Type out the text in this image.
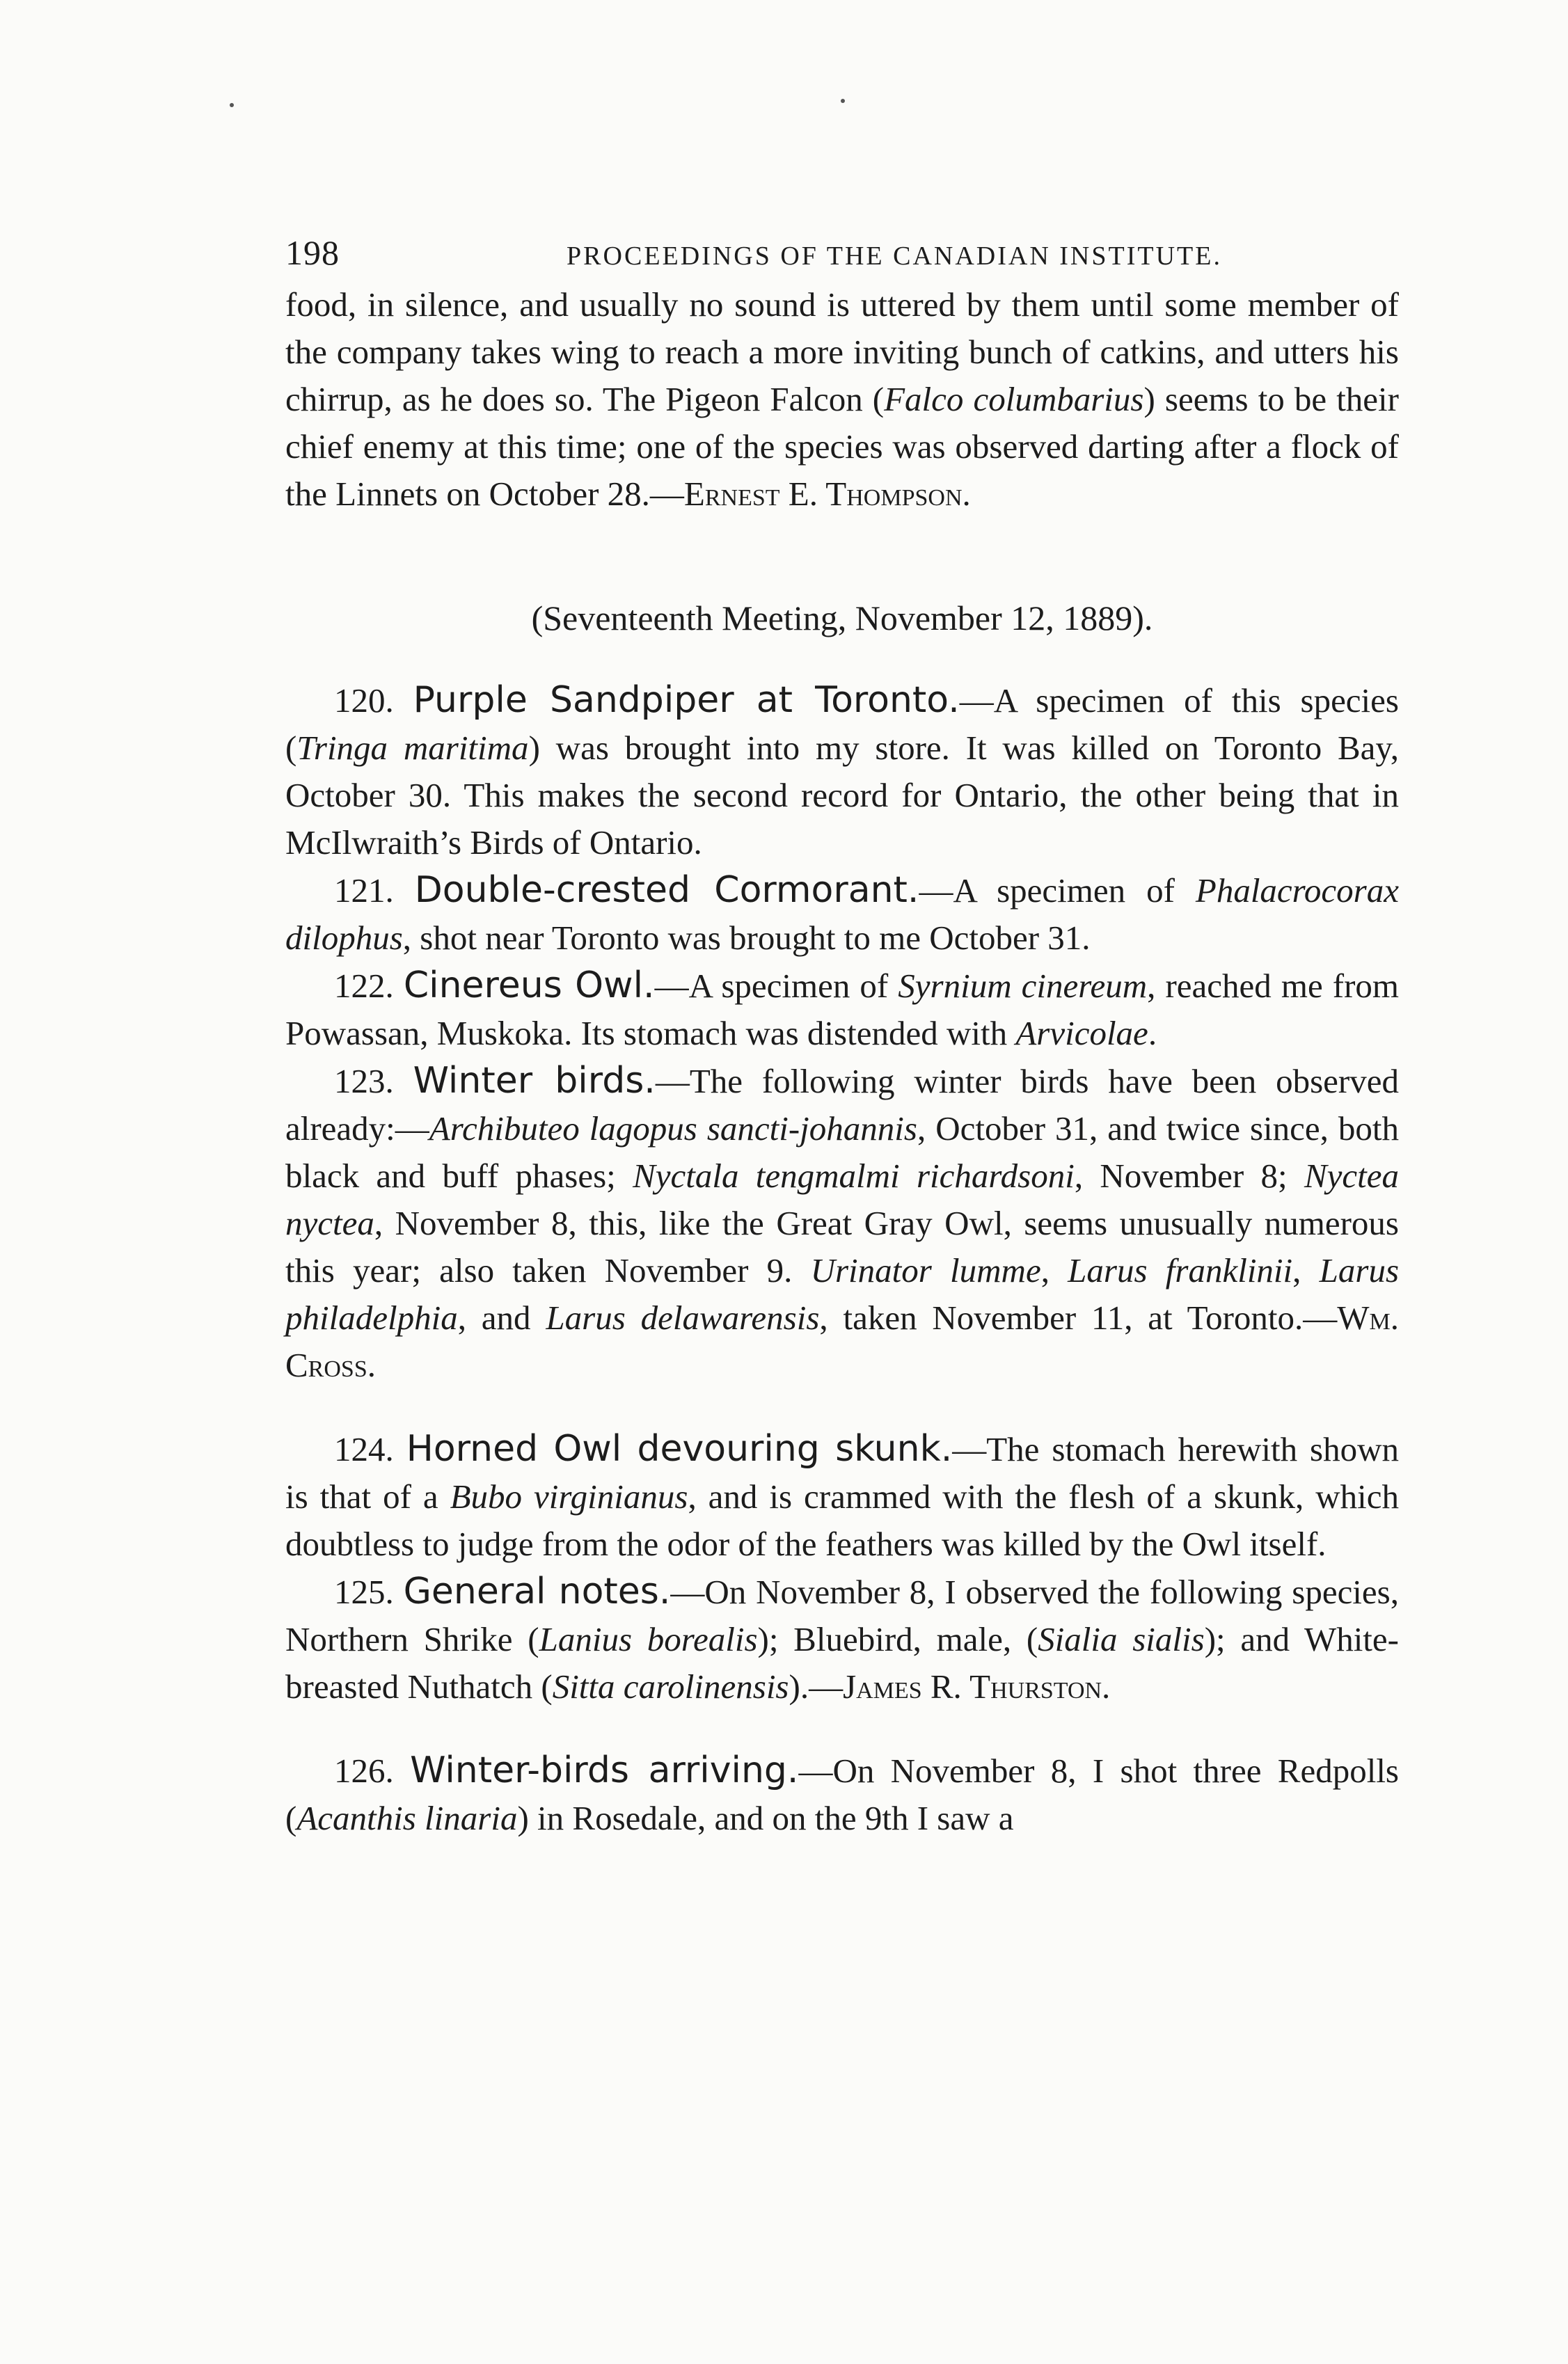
198	PROCEEDINGS OF THE CANADIAN INSTITUTE.

food, in silence, and usually no sound is uttered by them until some member of the company takes wing to reach a more inviting bunch of catkins, and utters his chirrup, as he does so. The Pigeon Falcon (Falco columbarius) seems to be their chief enemy at this time; one of the species was observed darting after a flock of the Linnets on October 28.—Ernest E. Thompson.

(Seventeenth Meeting, November 12, 1889).

120. Purple Sandpiper at Toronto.—A specimen of this species (Tringa maritima) was brought into my store. It was killed on Toronto Bay, October 30. This makes the second record for Ontario, the other being that in McIlwraith’s Birds of Ontario.

121. Double-crested Cormorant.—A specimen of Phalacrocorax dilophus, shot near Toronto was brought to me October 31.

122. Cinereus Owl.—A specimen of Syrnium cinereum, reached me from Powassan, Muskoka. Its stomach was distended with Arvicolae.

123. Winter birds.—The following winter birds have been observed already:—Archibuteo lagopus sancti-johannis, October 31, and twice since, both black and buff phases; Nyctala tengmalmi richardsoni, November 8; Nyctea nyctea, November 8, this, like the Great Gray Owl, seems unusually numerous this year; also taken November 9. Urinator lumme, Larus franklinii, Larus philadelphia, and Larus delawarensis, taken November 11, at Toronto.—Wm. Cross.

124. Horned Owl devouring skunk.—The stomach herewith shown is that of a Bubo virginianus, and is crammed with the flesh of a skunk, which doubtless to judge from the odor of the feathers was killed by the Owl itself.

125. General notes.—On November 8, I observed the following species, Northern Shrike (Lanius borealis); Bluebird, male, (Sialia sialis); and White-breasted Nuthatch (Sitta carolinensis).—James R. Thurston.

126. Winter-birds arriving.—On November 8, I shot three Redpolls (Acanthis linaria) in Rosedale, and on the 9th I saw a
